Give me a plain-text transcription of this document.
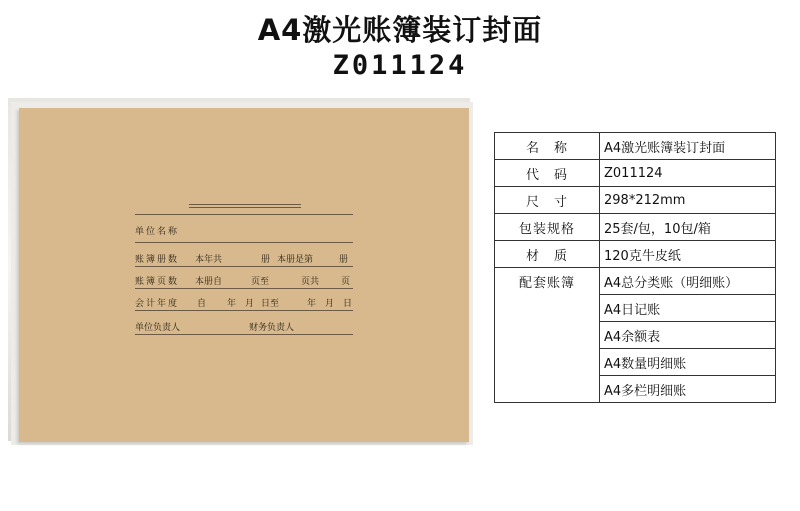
A4激光账簿装订封面
Z011124
单位名称
账簿册数 本年共	册 本册是第	册
账簿页数 本册自	页至	页共 页
会计年度 自 年 月 日至	年 月 日
单位负责人	财务负责人
名　称	A4激光账簿装订封面
代　码	Z011124
尺　寸	298*212mm
包装规格	25套/包，10包/箱
材　质	120克牛皮纸
配套账簿	A4总分类账（明细账）
	A4日记账
	A4余额表
	A4数量明细账
	A4多栏明细账
